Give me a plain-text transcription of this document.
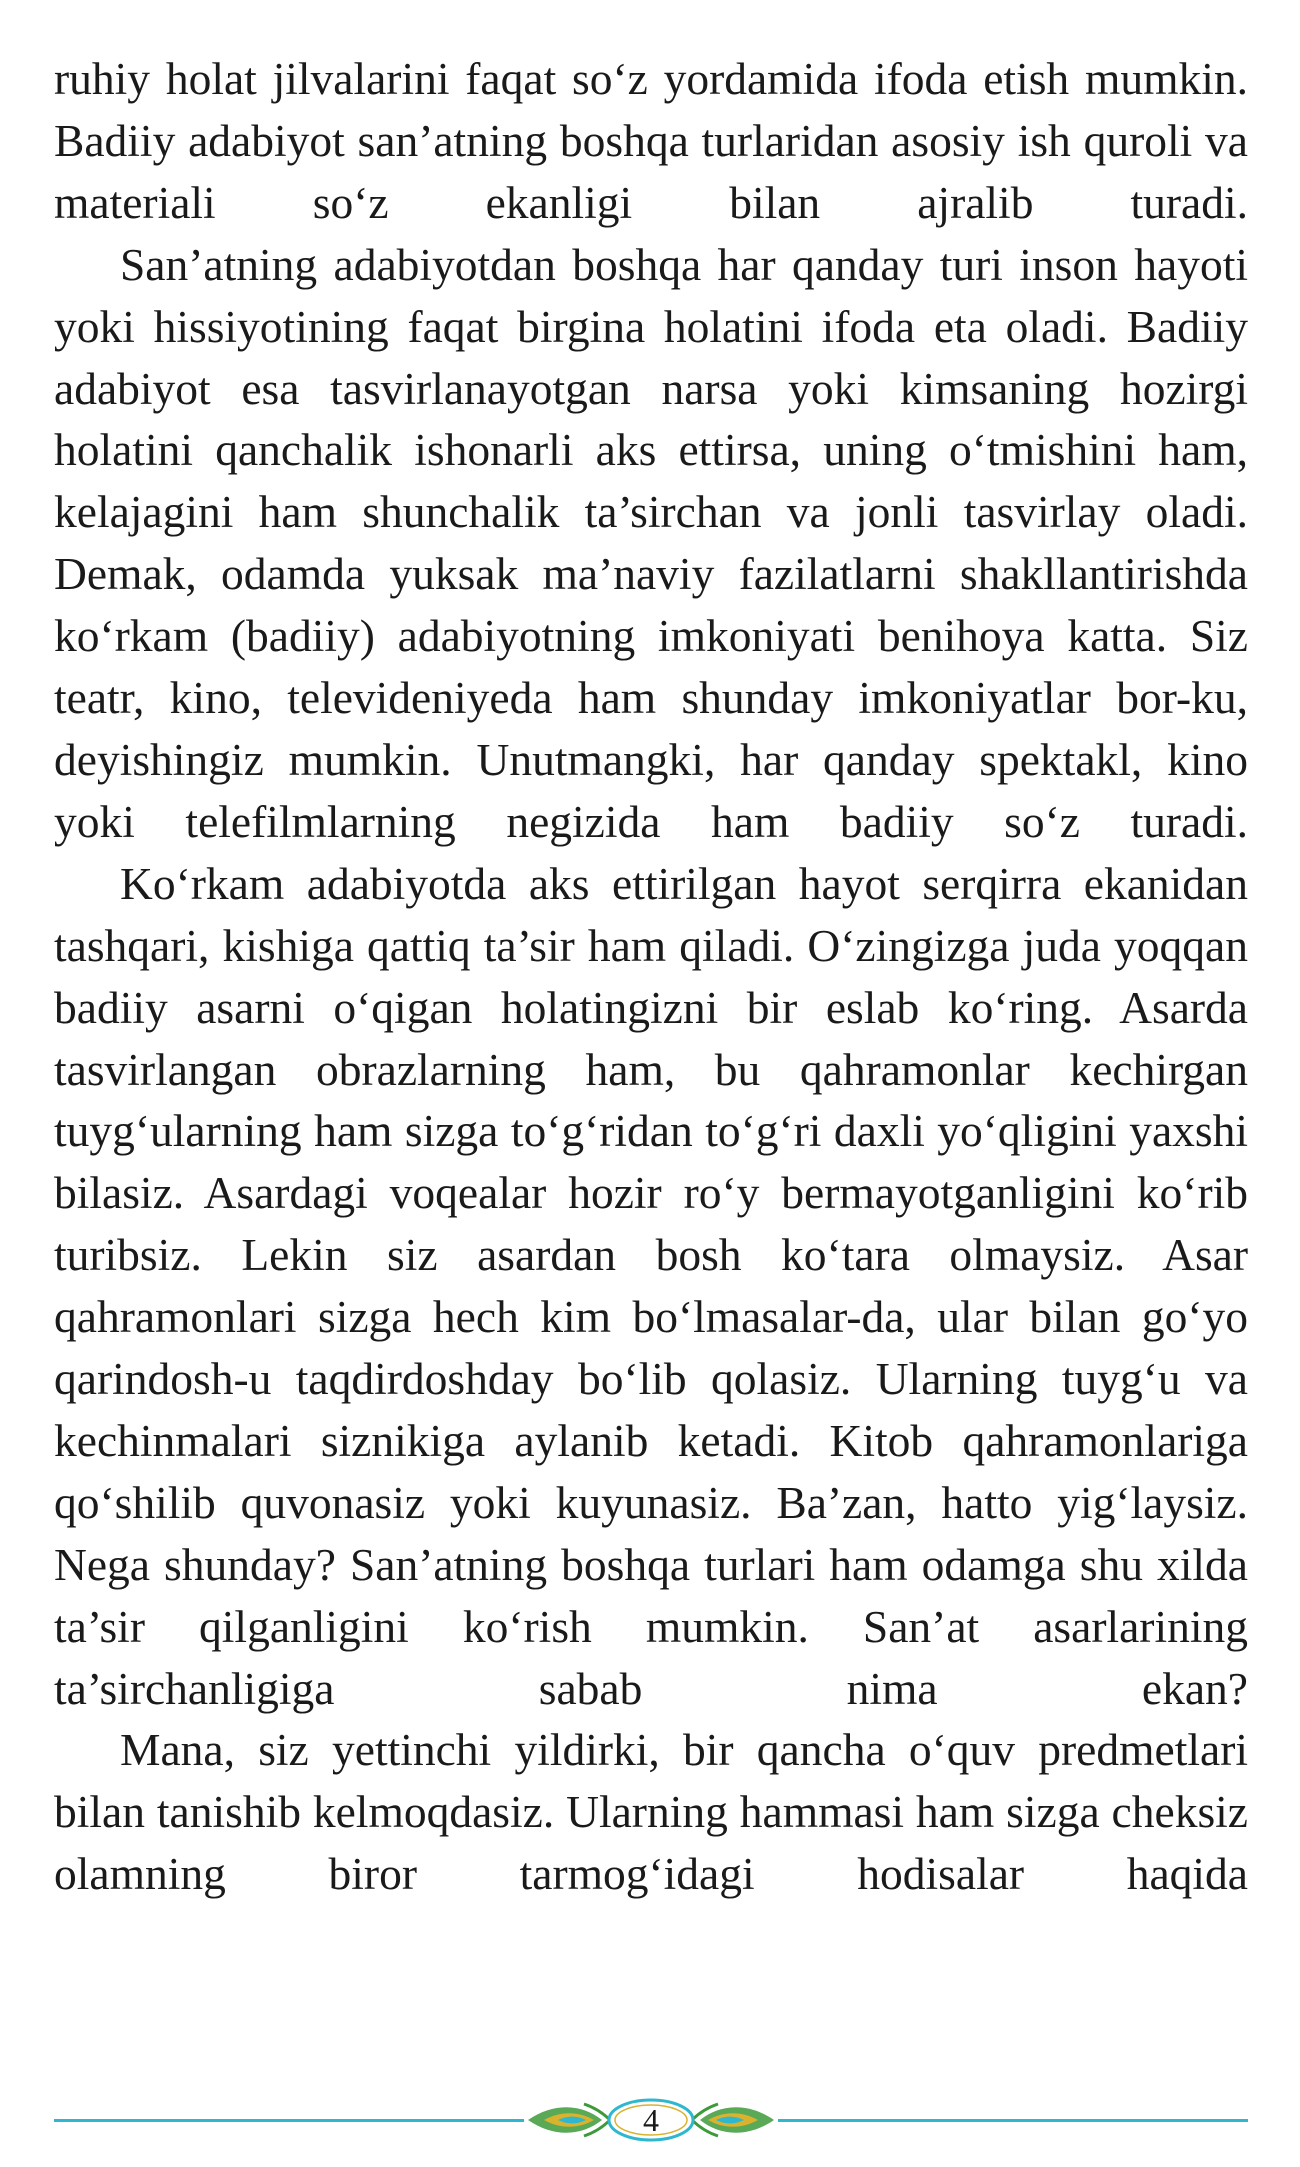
ruhiy holat jilvalarini faqat so‘z yordamida ifoda etish mumkin. Badiiy adabiyot san’atning boshqa turlaridan asosiy ish quroli va materiali so‘z ekanligi bilan ajralib turadi.

San’atning adabiyotdan boshqa har qanday turi inson hayoti yoki hissiyotining faqat birgina holatini ifoda eta oladi. Badiiy adabiyot esa tasvirlanayotgan narsa yoki kimsaning hozirgi holatini qanchalik ishonarli aks ettirsa, uning o‘tmishini ham, kelajagini ham shunchalik ta’sirchan va jonli tasvirlay oladi. Demak, odamda yuksak ma’naviy fazilatlarni shakllantirishda ko‘rkam (badiiy) adabiyotning imkoniyati benihoya katta. Siz teatr, kino, televideniyeda ham shunday imkoniyatlar bor-ku, deyishingiz mumkin. Unutmangki, har qanday spektakl, kino yoki telefilmlarning negizida ham badiiy so‘z turadi.

Ko‘rkam adabiyotda aks ettirilgan hayot serqirra ekanidan tashqari, kishiga qattiq ta’sir ham qiladi. O‘zingizga juda yoqqan badiiy asarni o‘qigan holatingizni bir eslab ko‘ring. Asarda tasvirlangan obrazlarning ham, bu qahramonlar kechirgan tuyg‘ularning ham sizga to‘g‘ridan to‘g‘ri daxli yo‘qligini yaxshi bilasiz. Asardagi voqealar hozir ro‘y bermayotganligini ko‘rib turibsiz. Lekin siz asardan bosh ko‘tara olmaysiz. Asar qahramonlari sizga hech kim bo‘lmasalar-da, ular bilan go‘yo qarindosh-u taqdirdoshday bo‘lib qolasiz. Ularning tuyg‘u va kechinmalari siznikiga aylanib ketadi. Kitob qahramonlariga qo‘shilib quvonasiz yoki kuyunasiz. Ba’zan, hatto yig‘laysiz. Nega shunday? San’atning boshqa turlari ham odamga shu xilda ta’sir qilganligini ko‘rish mumkin. San’at asarlarining ta’sirchanligiga sabab nima ekan?

Mana, siz yettinchi yildirki, bir qancha o‘quv predmetlari bilan tanishib kelmoqdasiz. Ularning hammasi ham sizga cheksiz olamning biror tarmog‘idagi hodisalar haqida

4
